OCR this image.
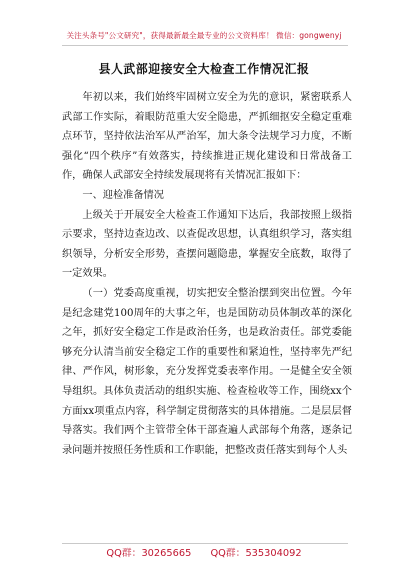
关注头条号"公文研究"，获得最新最全最专业的公文资料库！ 微信：gongwenyj
县人武部迎接安全大检查工作情况汇报

年初以来，我们始终牢固树立安全为先的意识，紧密联系人武部工作实际，着眼防范重大安全隐患，严抓细抠安全稳定重难点环节，坚持依法治军从严治军，加大条令法规学习力度，不断强化“四个秩序”有效落实，持续推进正规化建设和日常战备工作，确保人武部安全持续发展现将有关情况汇报如下：

一、迎检准备情况

上级关于开展安全大检查工作通知下达后，我部按照上级指示要求，坚持边查边改、以查促改思想，认真组织学习，落实组织领导，分析安全形势，查摆问题隐患，掌握安全底数，取得了一定效果。

（一）党委高度重视，切实把安全整治摆到突出位置。今年是纪念建党100周年的大事之年，也是国防动员体制改革的深化之年，抓好安全稳定工作是政治任务，也是政治责任。部党委能够充分认清当前安全稳定工作的重要性和紧迫性，坚持率先严纪律、严作风，树形象，充分发挥党委表率作用。一是健全安全领导组织。具体负责活动的组织实施、检查检收等工作，围绕xx个方面xx项重点内容，科学制定贯彻落实的具体措施。二是层层督导落实。我们两个主管带全体干部查遍人武部每个角落，逐条记录问题并按照任务性质和工作职能，把整改责任落实到每个人头

QQ群：30265665 QQ群：535304092
